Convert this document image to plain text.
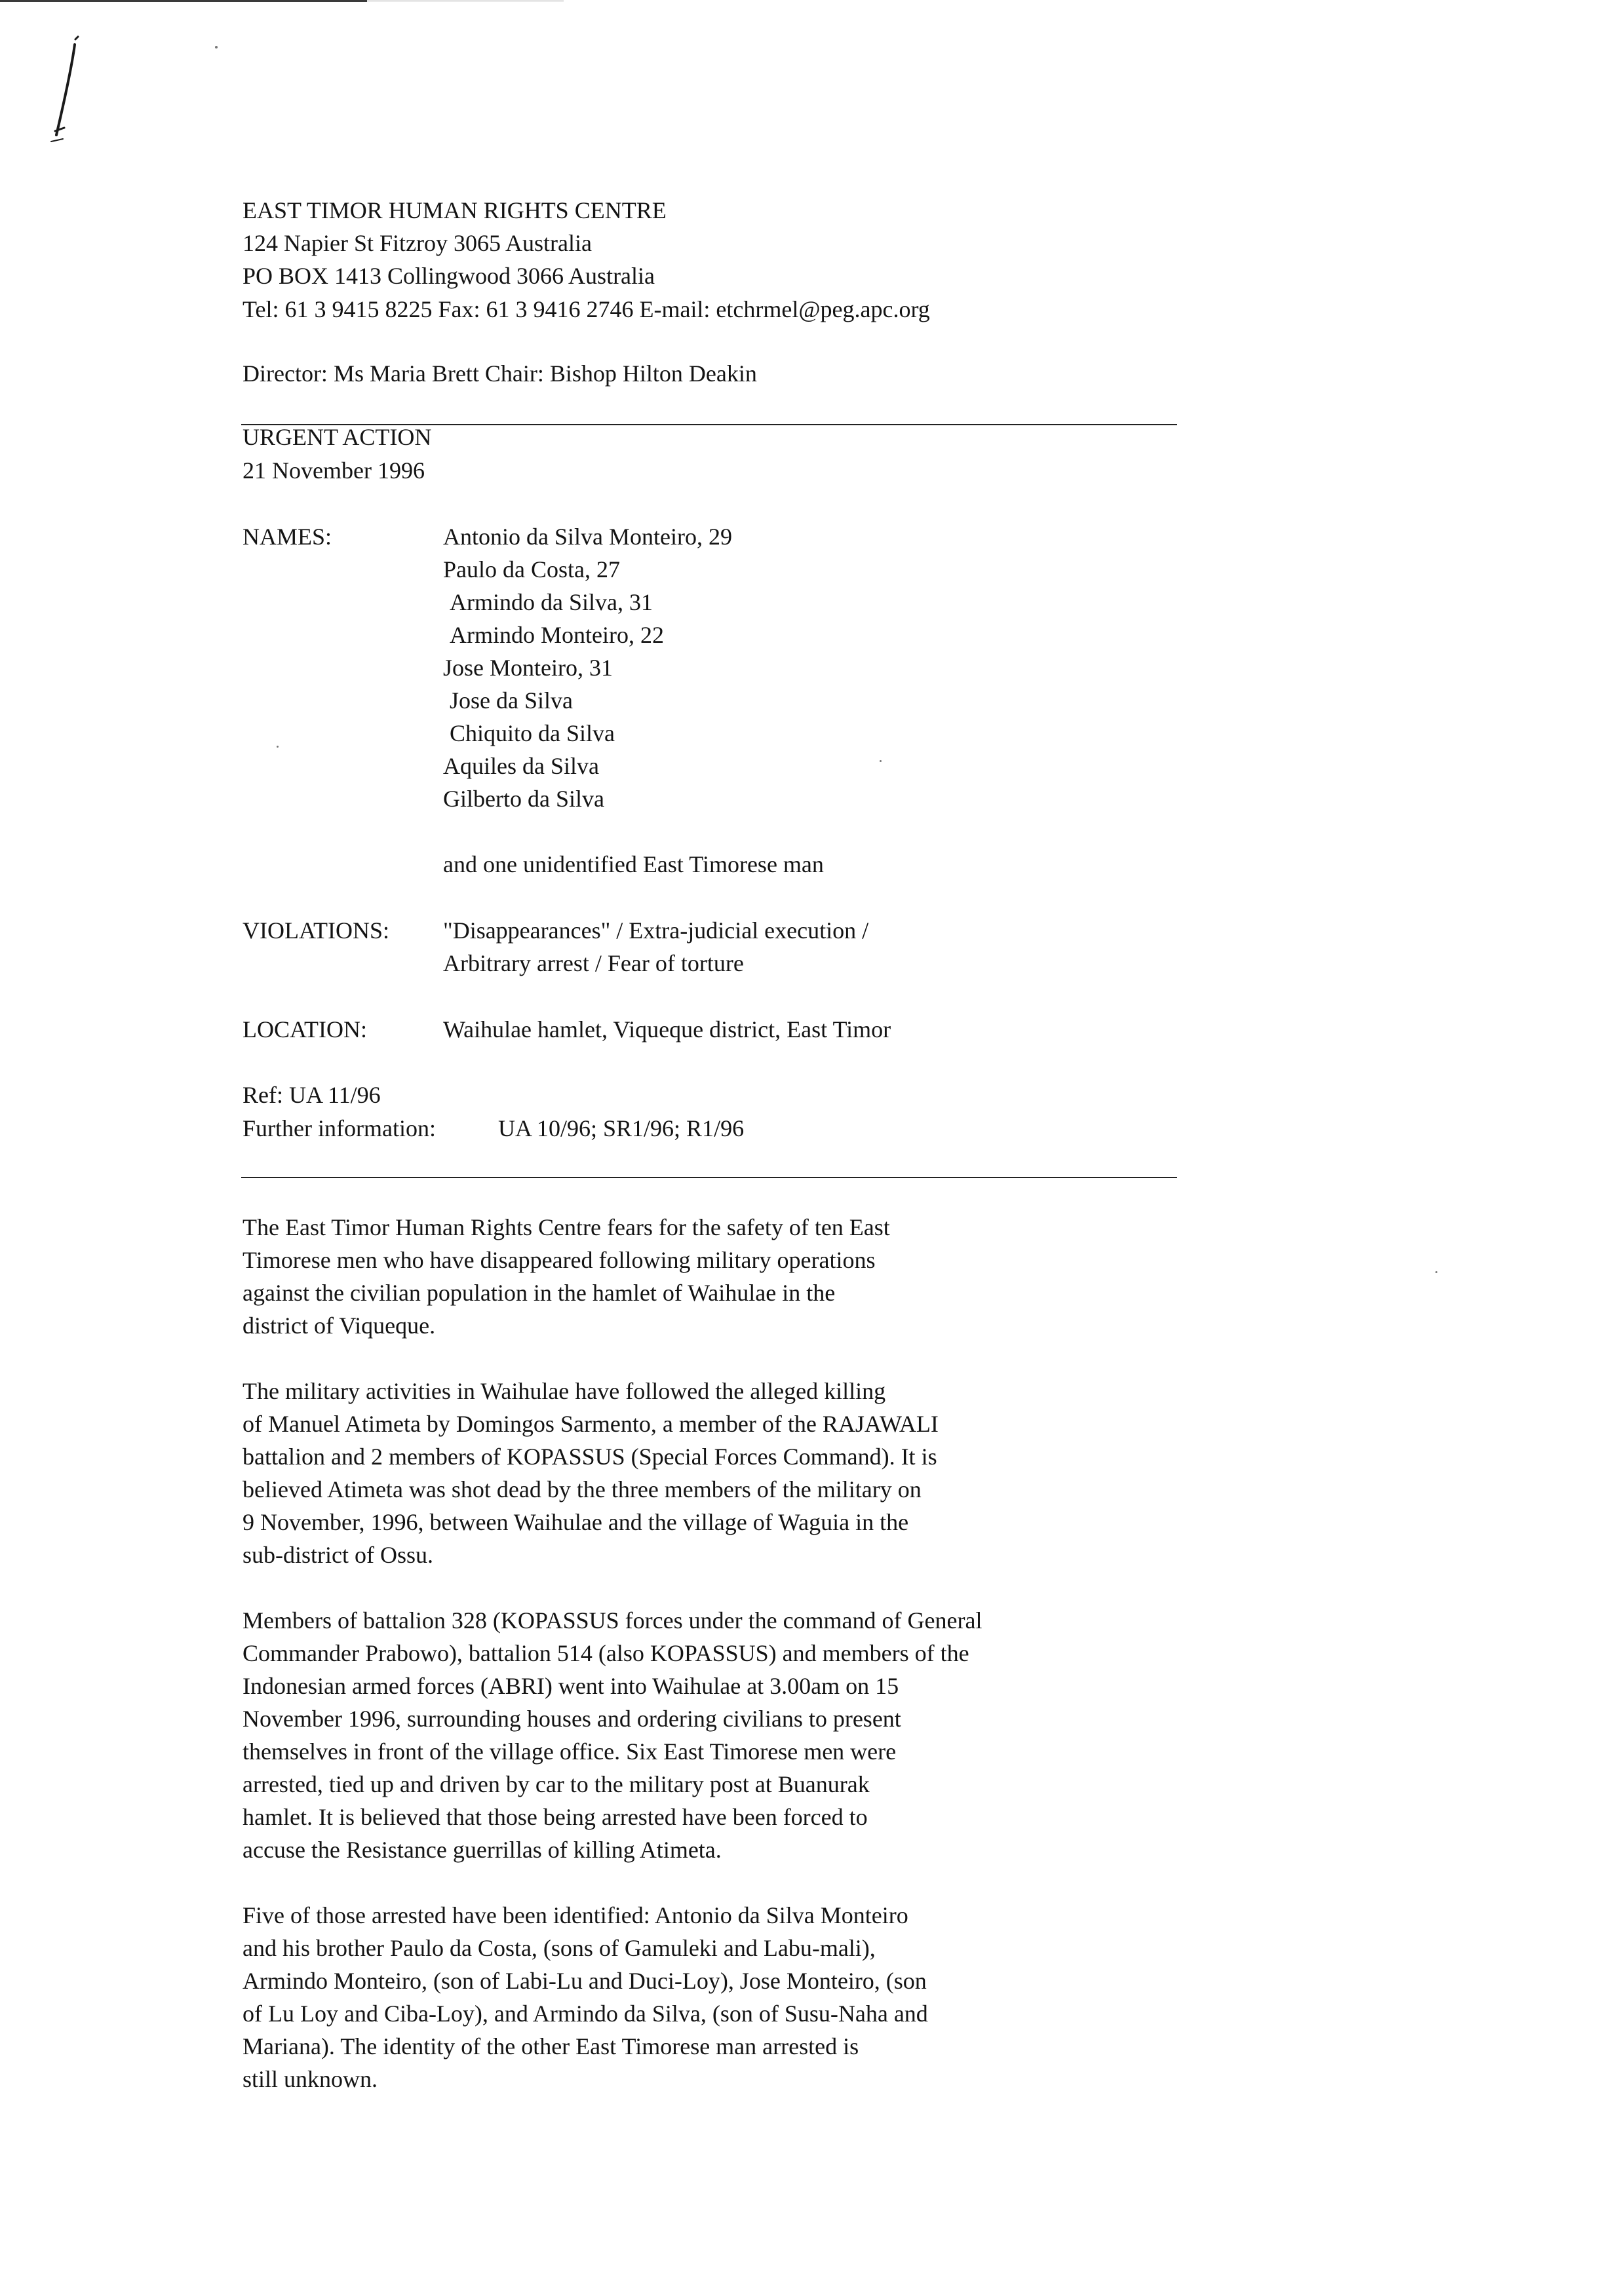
EAST TIMOR HUMAN RIGHTS CENTRE
124 Napier St Fitzroy 3065 Australia
PO BOX 1413 Collingwood 3066 Australia
Tel: 61 3 9415 8225 Fax: 61 3 9416 2746 E-mail: etchrmel@peg.apc.org
Director: Ms Maria Brett Chair: Bishop Hilton Deakin
URGENT ACTION
21 November 1996
NAMES:	Antonio da Silva Monteiro, 29
Paulo da Costa, 27
Armindo da Silva, 31
Armindo Monteiro, 22
Jose Monteiro, 31
Jose da Silva
Chiquito da Silva
Aquiles da Silva
Gilberto da Silva
and one unidentified East Timorese man
VIOLATIONS: "Disappearances" / Extra-judicial execution /
Arbitrary arrest / Fear of torture
LOCATION:	Waihulae hamlet, Viqueque district, East Timor
Ref: UA 11/96
Further information:	UA 10/96; SR1/96; R1/96
The East Timor Human Rights Centre fears for the safety of ten East
Timorese men who have disappeared following military operations
against the civilian population in the hamlet of Waihulae in the
district of Viqueque.
The military activities in Waihulae have followed the alleged killing
of Manuel Atimeta by Domingos Sarmento, a member of the RAJAWALI
battalion and 2 members of KOPASSUS (Special Forces Command). It is
believed Atimeta was shot dead by the three members of the military on
9 November, 1996, between Waihulae and the village of Waguia in the
sub-district of Ossu.
Members of battalion 328 (KOPASSUS forces under the command of General
Commander Prabowo), battalion 514 (also KOPASSUS) and members of the
Indonesian armed forces (ABRI) went into Waihulae at 3.00am on 15
November 1996, surrounding houses and ordering civilians to present
themselves in front of the village office. Six East Timorese men were
arrested, tied up and driven by car to the military post at Buanurak
hamlet. It is believed that those being arrested have been forced to
accuse the Resistance guerrillas of killing Atimeta.
Five of those arrested have been identified: Antonio da Silva Monteiro
and his brother Paulo da Costa, (sons of Gamuleki and Labu-mali),
Armindo Monteiro, (son of Labi-Lu and Duci-Loy), Jose Monteiro, (son
of Lu Loy and Ciba-Loy), and Armindo da Silva, (son of Susu-Naha and
Mariana). The identity of the other East Timorese man arrested is
still unknown.
